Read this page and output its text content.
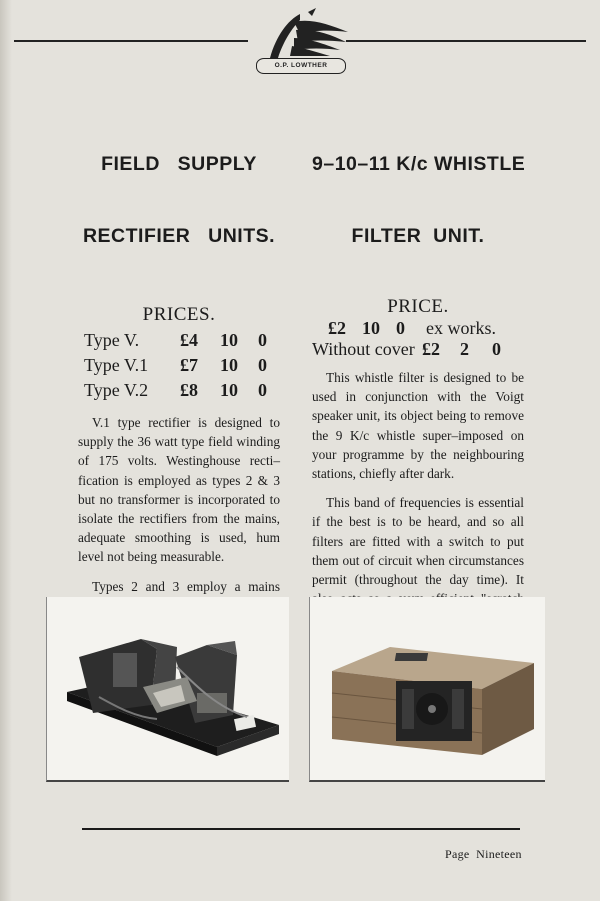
O.P. LOWTHER

FIELD   SUPPLY

RECTIFIER   UNITS.

PRICES.
Type V.	£4	10	0
Type V.1	£7	10	0
Type V.2	£8	10	0

V.1 type rectifier is designed to supply the 36 watt type field winding of 175 volts. Westinghouse recti–fication is employed as types 2 & 3 but no transformer is incorporated to isolate the rectifiers from the mains, adequate smoothing is used, hum level not being measurable.

Types 2 and 3 employ a mains

9–10–11 K/c WHISTLE

FILTER  UNIT.

PRICE.
£2 10 0	ex works.
Without cover £2	2	0

This whistle filter is designed to be used in conjunction with the Voigt speaker unit, its object being to remove the 9 K/c whistle super–imposed on your programme by the neighbouring stations, chiefly after dark.

This band of frequencies is essential if the best is to be heard, and so all filters are fitted with a switch to put them out of circuit when circumstances permit (throughout the day time). It

Page  Nineteen
